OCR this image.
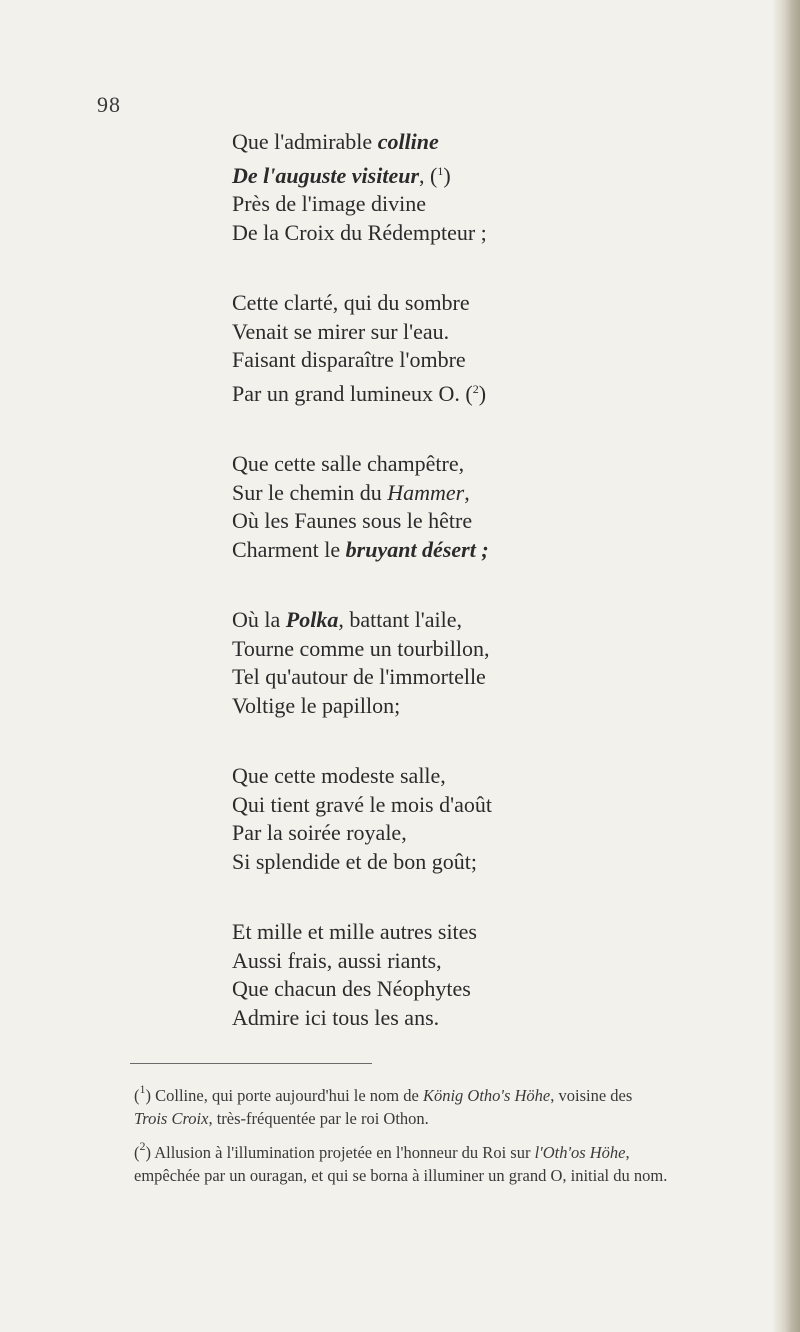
98
Que l'admirable colline
De l'auguste visiteur, ($^1$)
Près de l'image divine
De la Croix du Rédempteur ;
Cette clarté, qui du sombre
Venait se mirer sur l'eau.
Faisant disparaître l'ombre
Par un grand lumineux O. ($^2$)
Que cette salle champêtre,
Sur le chemin du Hammer,
Où les Faunes sous le hêtre
Charment le bruyant désert ;
Où la Polka, battant l'aile,
Tourne comme un tourbillon,
Tel qu'autour de l'immortelle
Voltige le papillon;
Que cette modeste salle,
Qui tient gravé le mois d'août
Par la soirée royale,
Si splendide et de bon goût;
Et mille et mille autres sites
Aussi frais, aussi riants,
Que chacun des Néophytes
Admire ici tous les ans.
($^1$) Colline, qui porte aujourd'hui le nom de König Otho's Höhe, voisine des
Trois Croix, très-fréquentée par le roi Othon.
($^2$) Allusion à l'illumination projetée en l'honneur du Roi sur l'Oth'os Höhe,
empêchée par un ouragan, et qui se borna à illuminer un grand O, initial du nom.
